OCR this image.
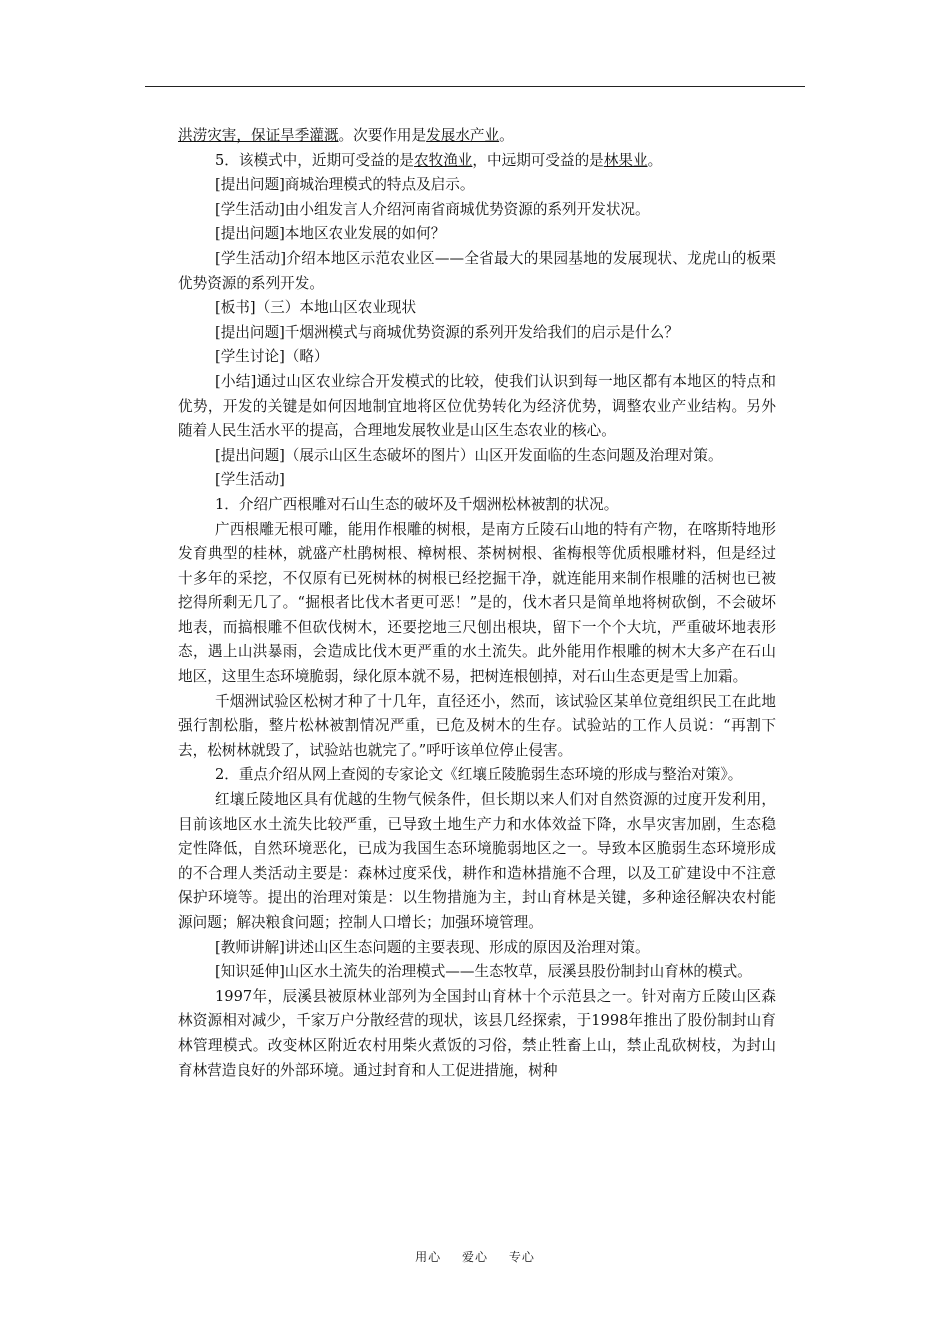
洪涝灾害，保证旱季灌溉。次要作用是发展水产业。

5．该模式中，近期可受益的是农牧渔业，中远期可受益的是林果业。

[提出问题]商城治理模式的特点及启示。

[学生活动]由小组发言人介绍河南省商城优势资源的系列开发状况。

[提出问题]本地区农业发展的如何？

[学生活动]介绍本地区示范农业区——全省最大的果园基地的发展现状、龙虎山的板栗优势资源的系列开发。

[板书]（三）本地山区农业现状

[提出问题]千烟洲模式与商城优势资源的系列开发给我们的启示是什么？

[学生讨论]（略）

[小结]通过山区农业综合开发模式的比较，使我们认识到每一地区都有本地区的特点和优势，开发的关键是如何因地制宜地将区位优势转化为经济优势，调整农业产业结构。另外随着人民生活水平的提高，合理地发展牧业是山区生态农业的核心。

[提出问题]（展示山区生态破坏的图片）山区开发面临的生态问题及治理对策。

[学生活动]

1．介绍广西根雕对石山生态的破坏及千烟洲松林被割的状况。

广西根雕无根可雕，能用作根雕的树根，是南方丘陵石山地的特有产物，在喀斯特地形发育典型的桂林，就盛产杜鹃树根、樟树根、茶树树根、雀梅根等优质根雕材料，但是经过十多年的采挖，不仅原有已死树林的树根已经挖掘干净，就连能用来制作根雕的活树也已被挖得所剩无几了。“掘根者比伐木者更可恶！”是的，伐木者只是简单地将树砍倒，不会破坏地表，而搞根雕不但砍伐树木，还要挖地三尺刨出根块，留下一个个大坑，严重破坏地表形态，遇上山洪暴雨，会造成比伐木更严重的水土流失。此外能用作根雕的树木大多产在石山地区，这里生态环境脆弱，绿化原本就不易，把树连根刨掉，对石山生态更是雪上加霜。

千烟洲试验区松树才种了十几年，直径还小，然而，该试验区某单位竟组织民工在此地强行割松脂，整片松林被割情况严重，已危及树木的生存。试验站的工作人员说：“再割下去，松树林就毁了，试验站也就完了。”呼吁该单位停止侵害。

2．重点介绍从网上查阅的专家论文《红壤丘陵脆弱生态环境的形成与整治对策》。

红壤丘陵地区具有优越的生物气候条件，但长期以来人们对自然资源的过度开发利用，目前该地区水土流失比较严重，已导致土地生产力和水体效益下降，水旱灾害加剧，生态稳定性降低，自然环境恶化，已成为我国生态环境脆弱地区之一。导致本区脆弱生态环境形成的不合理人类活动主要是：森林过度采伐，耕作和造林措施不合理，以及工矿建设中不注意保护环境等。提出的治理对策是：以生物措施为主，封山育林是关键，多种途径解决农村能源问题；解决粮食问题；控制人口增长；加强环境管理。

[教师讲解]讲述山区生态问题的主要表现、形成的原因及治理对策。

[知识延伸]山区水土流失的治理模式——生态牧草，辰溪县股份制封山育林的模式。

1997年，辰溪县被原林业部列为全国封山育林十个示范县之一。针对南方丘陵山区森林资源相对减少，千家万户分散经营的现状，该县几经探索，于1998年推出了股份制封山育林管理模式。改变林区附近农村用柴火煮饭的习俗，禁止牲畜上山，禁止乱砍树枝，为封山育林营造良好的外部环境。通过封育和人工促进措施，树种

用心 爱心 专心
